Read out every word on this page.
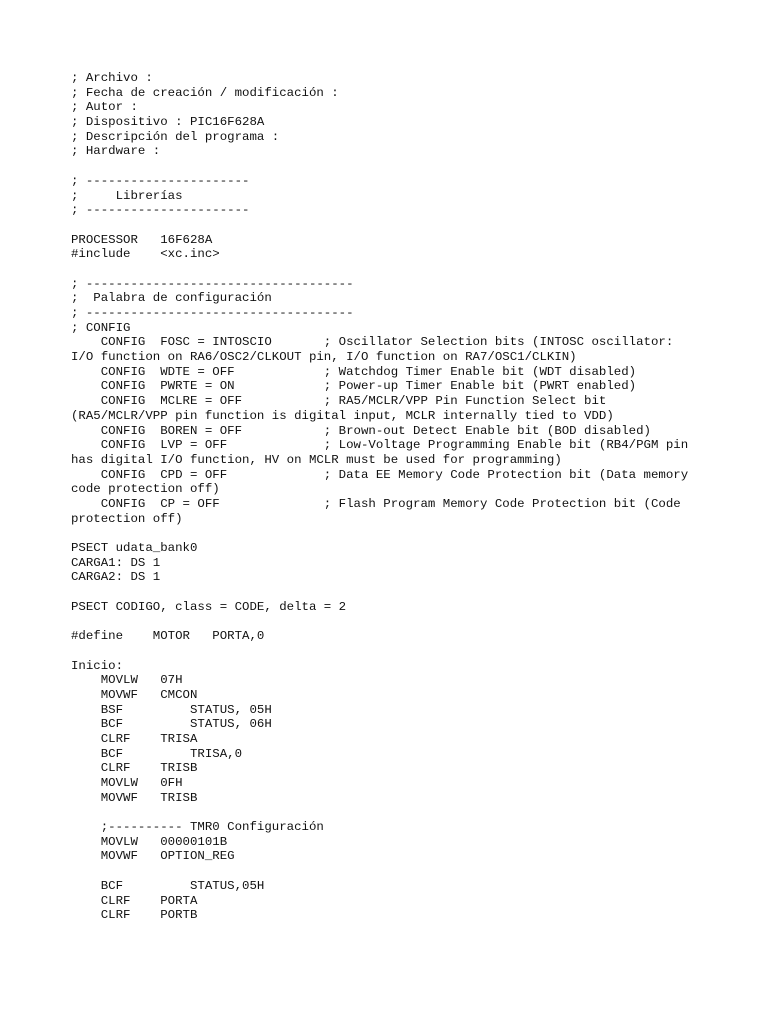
; Archivo :
; Fecha de creación / modificación :
; Autor :
; Dispositivo : PIC16F628A
; Descripción del programa :
; Hardware :
; ----------------------
;     Librerías
; ----------------------
PROCESSOR   16F628A
#include    <xc.inc>
; ------------------------------------
;  Palabra de configuración
; ------------------------------------
; CONFIG
CONFIG  FOSC = INTOSCIO       ; Oscillator Selection bits (INTOSC oscillator:
I/O function on RA6/OSC2/CLKOUT pin, I/O function on RA7/OSC1/CLKIN)
CONFIG  WDTE = OFF            ; Watchdog Timer Enable bit (WDT disabled)
CONFIG  PWRTE = ON            ; Power-up Timer Enable bit (PWRT enabled)
CONFIG  MCLRE = OFF           ; RA5/MCLR/VPP Pin Function Select bit
(RA5/MCLR/VPP pin function is digital input, MCLR internally tied to VDD)
CONFIG  BOREN = OFF           ; Brown-out Detect Enable bit (BOD disabled)
CONFIG  LVP = OFF             ; Low-Voltage Programming Enable bit (RB4/PGM pin
has digital I/O function, HV on MCLR must be used for programming)
CONFIG  CPD = OFF             ; Data EE Memory Code Protection bit (Data memory
code protection off)
CONFIG  CP = OFF              ; Flash Program Memory Code Protection bit (Code
protection off)
PSECT udata_bank0
CARGA1: DS 1
CARGA2: DS 1
PSECT CODIGO, class = CODE, delta = 2
#define    MOTOR   PORTA,0
Inicio:
MOVLW   07H
MOVWF   CMCON
BSF         STATUS, 05H
BCF         STATUS, 06H
CLRF    TRISA
BCF         TRISA,0
CLRF    TRISB
MOVLW   0FH
MOVWF   TRISB
;---------- TMR0 Configuración
MOVLW   00000101B
MOVWF   OPTION_REG
BCF         STATUS,05H
CLRF    PORTA
CLRF    PORTB
